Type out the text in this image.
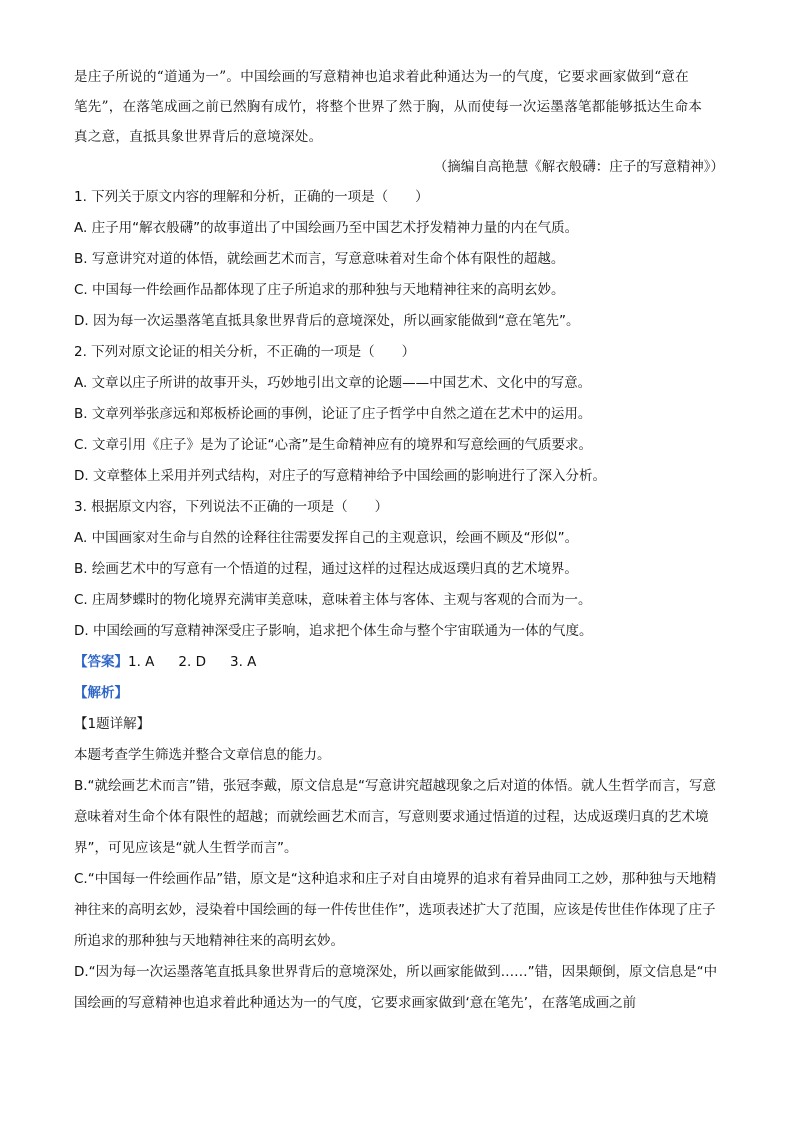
是庄子所说的“道通为一”。中国绘画的写意精神也追求着此种通达为一的气度，它要求画家做到“意在

笔先”，在落笔成画之前已然胸有成竹，将整个世界了然于胸，从而使每一次运墨落笔都能够抵达生命本

真之意，直抵具象世界背后的意境深处。

（摘编自高艳慧《解衣般礴：庄子的写意精神》）

1. 下列关于原文内容的理解和分析，正确的一项是（　　）

A. 庄子用“解衣般礴”的故事道出了中国绘画乃至中国艺术抒发精神力量的内在气质。

B. 写意讲究对道的体悟，就绘画艺术而言，写意意味着对生命个体有限性的超越。

C. 中国每一件绘画作品都体现了庄子所追求的那种独与天地精神往来的高明玄妙。

D. 因为每一次运墨落笔直抵具象世界背后的意境深处，所以画家能做到“意在笔先”。

2. 下列对原文论证的相关分析，不正确的一项是（　　）

A. 文章以庄子所讲的故事开头，巧妙地引出文章的论题——中国艺术、文化中的写意。

B. 文章列举张彦远和郑板桥论画的事例，论证了庄子哲学中自然之道在艺术中的运用。

C. 文章引用《庄子》是为了论证“心斋”是生命精神应有的境界和写意绘画的气质要求。

D. 文章整体上采用并列式结构，对庄子的写意精神给予中国绘画的影响进行了深入分析。

3. 根据原文内容，下列说法不正确的一项是（　　）

A. 中国画家对生命与自然的诠释往往需要发挥自己的主观意识，绘画不顾及“形似”。

B. 绘画艺术中的写意有一个悟道的过程，通过这样的过程达成返璞归真的艺术境界。

C. 庄周梦蝶时的物化境界充满审美意味，意味着主体与客体、主观与客观的合而为一。

D. 中国绘画的写意精神深受庄子影响，追求把个体生命与整个宇宙联通为一体的气度。

【答案】1. A 2. D 3. A

【解析】

【1题详解】

本题考查学生筛选并整合文章信息的能力。

B.“就绘画艺术而言”错，张冠李戴，原文信息是“写意讲究超越现象之后对道的体悟。就人生哲学而言，写意意味着对生命个体有限性的超越；而就绘画艺术而言，写意则要求通过悟道的过程，达成返璞归真的艺术境界”，可见应该是“就人生哲学而言”。

C.“中国每一件绘画作品”错，原文是“这种追求和庄子对自由境界的追求有着异曲同工之妙，那种独与天地精神往来的高明玄妙，浸染着中国绘画的每一件传世佳作”，选项表述扩大了范围，应该是传世佳作体现了庄子所追求的那种独与天地精神往来的高明玄妙。

D.“因为每一次运墨落笔直抵具象世界背后的意境深处，所以画家能做到……”错，因果颠倒，原文信息是“中国绘画的写意精神也追求着此种通达为一的气度，它要求画家做到‘意在笔先’，在落笔成画之前
